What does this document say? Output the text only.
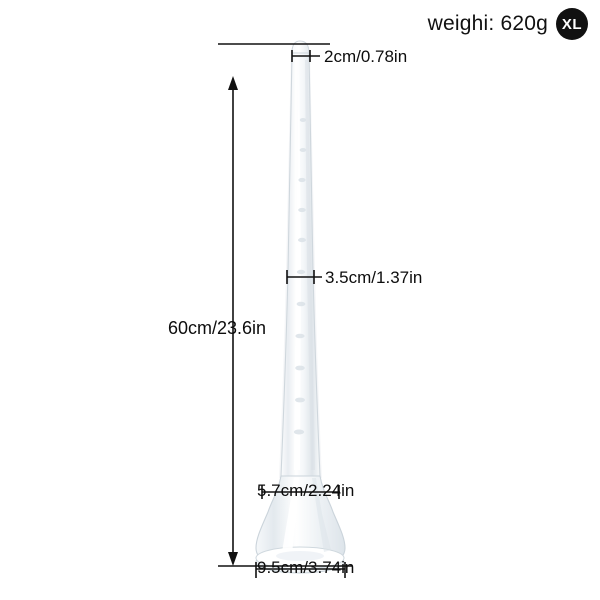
60cm/23.6in
2cm/0.78in
3.5cm/1.37in
5.7cm/2.24in
9.5cm/3.74in
weighi: 620g XL
